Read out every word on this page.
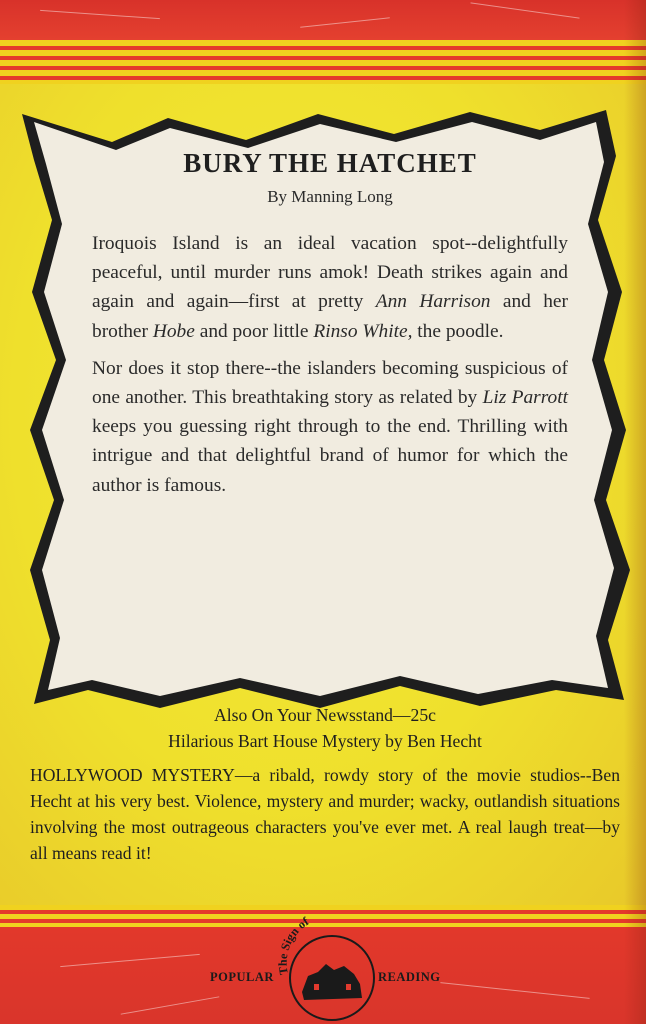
BURY THE HATCHET
By Manning Long

Iroquois Island is an ideal vacation spot--delightfully peaceful, until murder runs amok! Death strikes again and again and again—first at pretty Ann Harrison and her brother Hobe and poor little Rinso White, the poodle.

Nor does it stop there--the islanders becoming suspicious of one another. This breathtaking story as related by Liz Parrott keeps you guessing right through to the end. Thrilling with intrigue and that delightful brand of humor for which the author is famous.

Also On Your Newsstand—25c

Hilarious Bart House Mystery by Ben Hecht

HOLLYWOOD MYSTERY—a ribald, rowdy story of the movie studios--Ben Hecht at his very best. Violence, mystery and murder; wacky, outlandish situations involving the most outrageous characters you've ever met. A real laugh treat—by all means read it!

The Sign of
POPULAR	READING
